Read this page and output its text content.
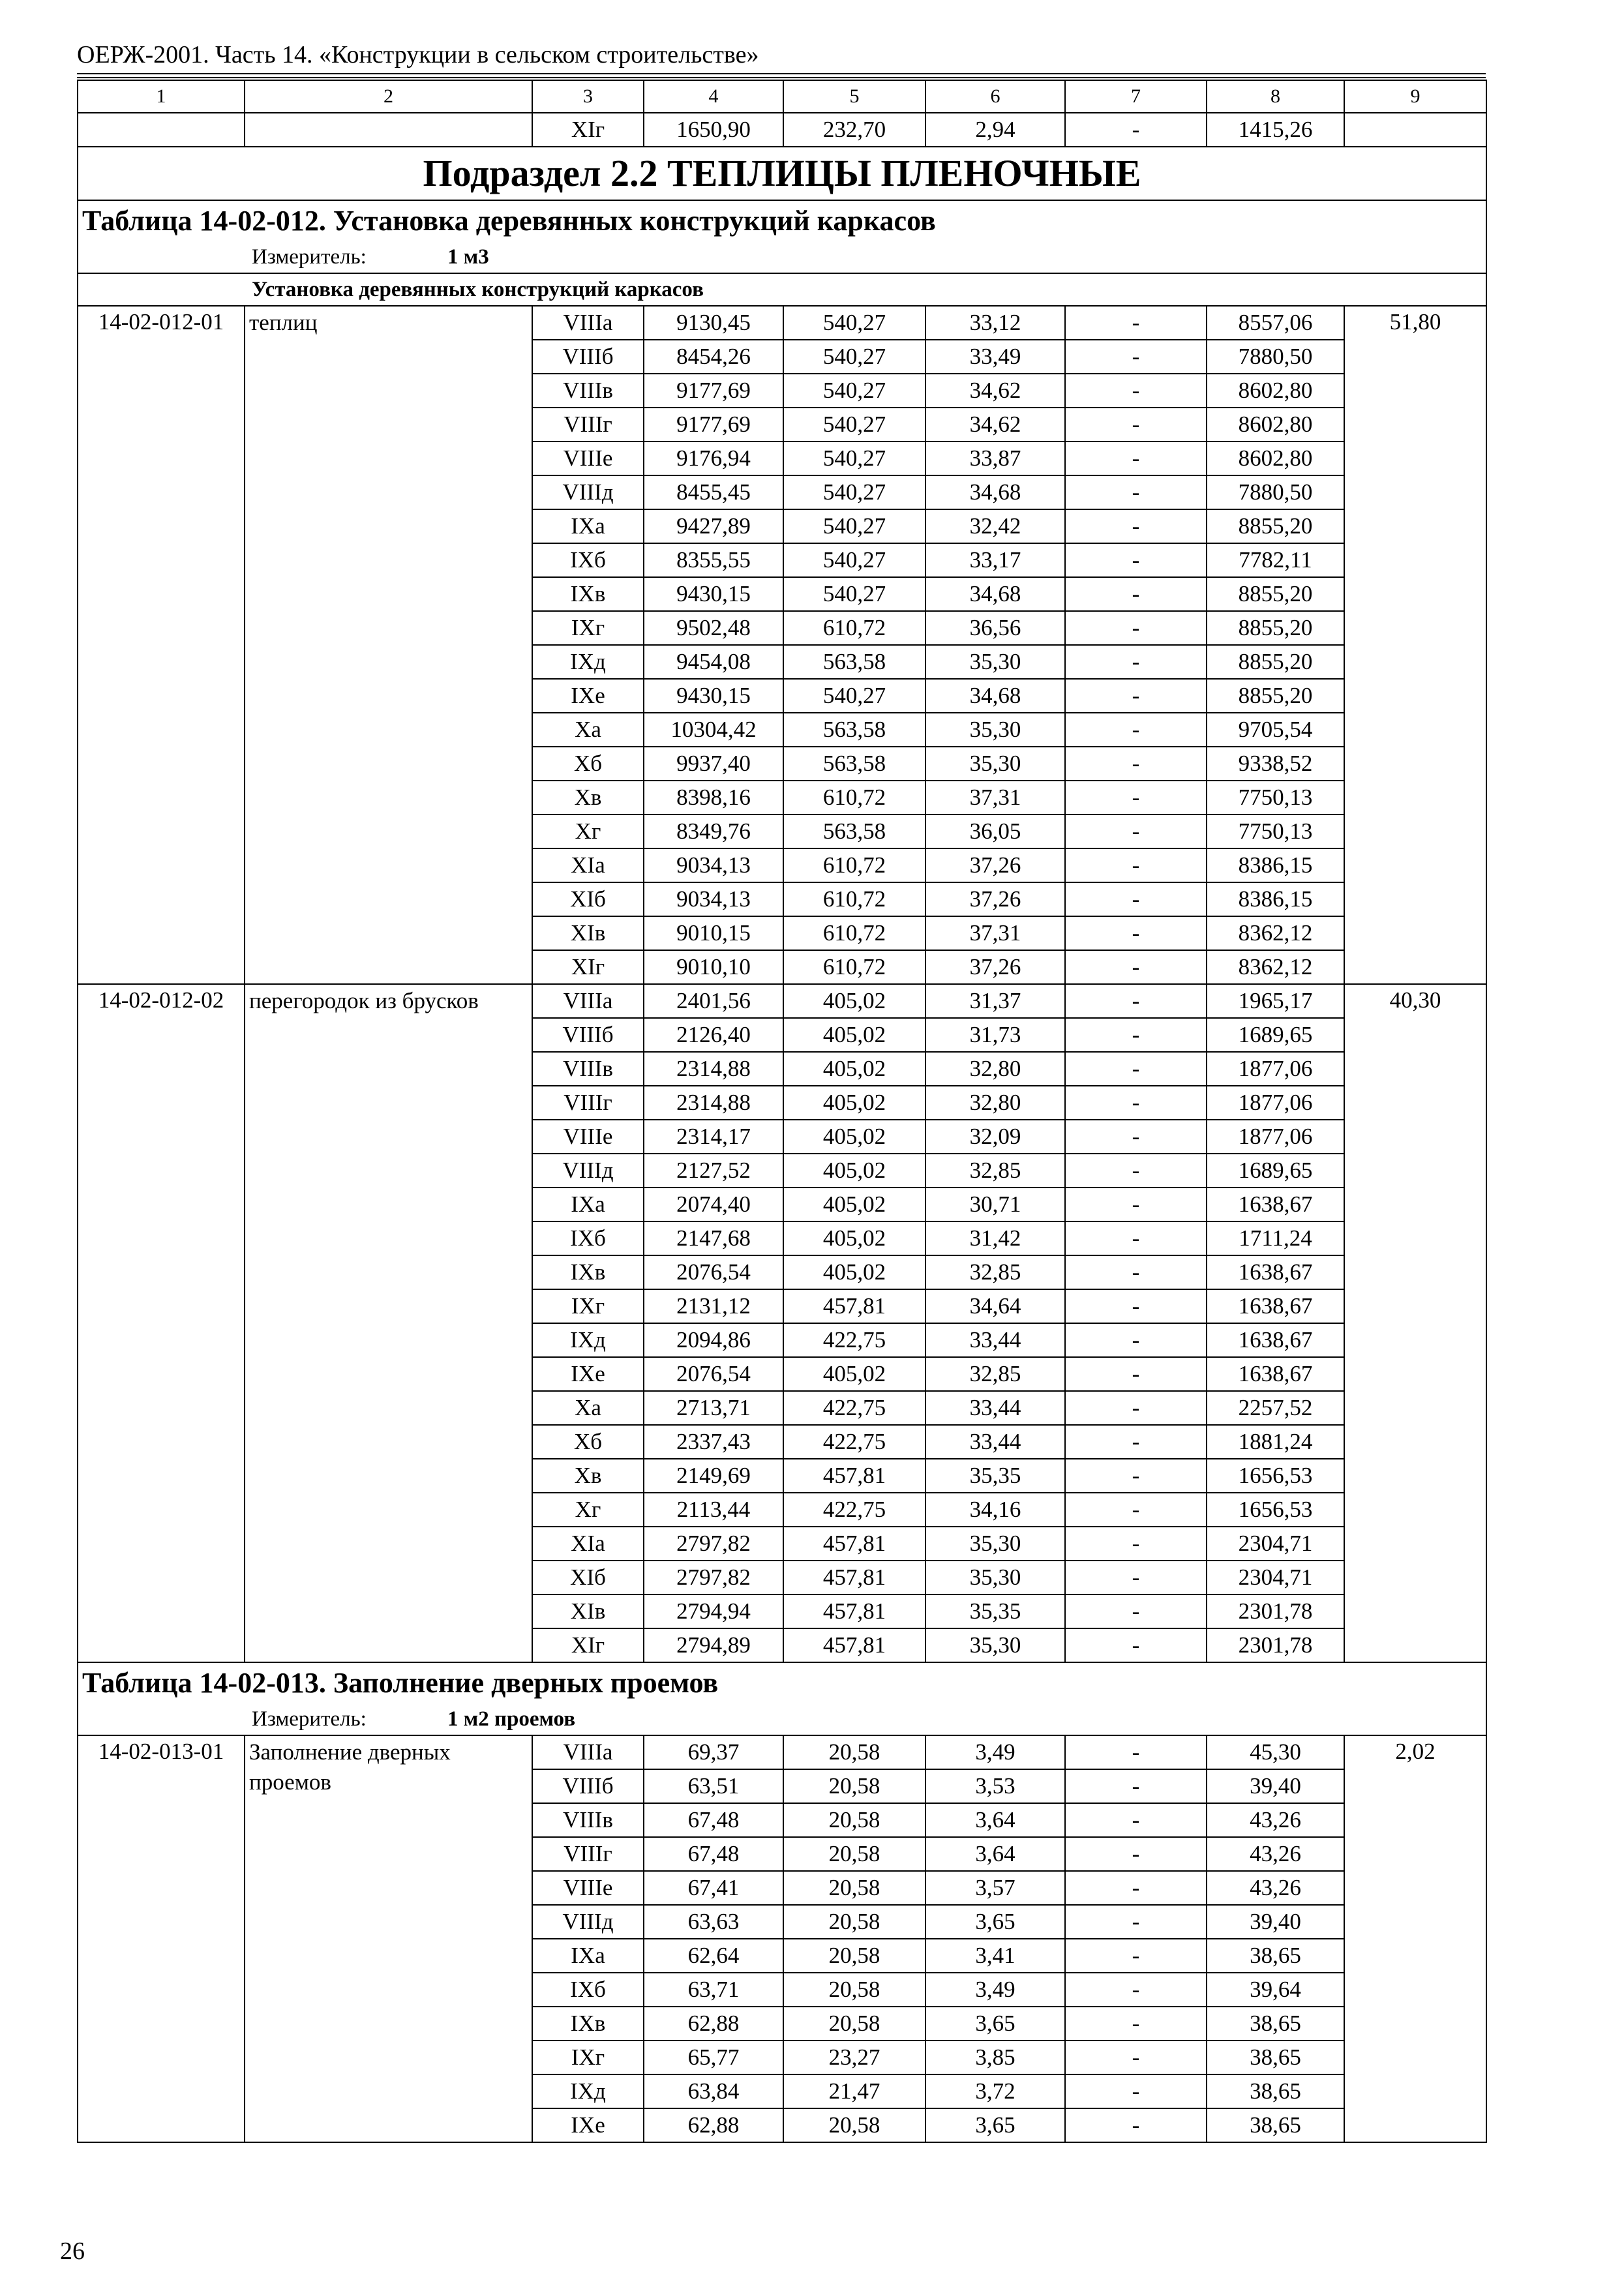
ОЕРЖ-2001. Часть 14. «Конструкции в сельском строительстве»
1	2	3	4	5	6	7	8	9
		XIг	1650,90	232,70	2,94	-	1415,26	
Подраздел 2.2 ТЕПЛИЦЫ ПЛЕНОЧНЫЕ								
Таблица 14-02-012. Установка деревянных конструкций каркасов								
Измеритель: 1 м3								
Установка деревянных конструкций каркасов								
14-02-012-01	теплиц	VIIIа	9130,45	540,27	33,12	-	8557,06	51,80
		VIIIб	8454,26	540,27	33,49	-	7880,50	
		VIIIв	9177,69	540,27	34,62	-	8602,80	
		VIIIг	9177,69	540,27	34,62	-	8602,80	
		VIIIе	9176,94	540,27	33,87	-	8602,80	
		VIIIд	8455,45	540,27	34,68	-	7880,50	
		IXа	9427,89	540,27	32,42	-	8855,20	
		IXб	8355,55	540,27	33,17	-	7782,11	
		IXв	9430,15	540,27	34,68	-	8855,20	
		IXг	9502,48	610,72	36,56	-	8855,20	
		IXд	9454,08	563,58	35,30	-	8855,20	
		IXе	9430,15	540,27	34,68	-	8855,20	
		Xа	10304,42	563,58	35,30	-	9705,54	
		Xб	9937,40	563,58	35,30	-	9338,52	
		Xв	8398,16	610,72	37,31	-	7750,13	
		Xг	8349,76	563,58	36,05	-	7750,13	
		XIа	9034,13	610,72	37,26	-	8386,15	
		XIб	9034,13	610,72	37,26	-	8386,15	
		XIв	9010,15	610,72	37,31	-	8362,12	
		XIг	9010,10	610,72	37,26	-	8362,12	
14-02-012-02	перегородок из брусков	VIIIа	2401,56	405,02	31,37	-	1965,17	40,30
		VIIIб	2126,40	405,02	31,73	-	1689,65	
		VIIIв	2314,88	405,02	32,80	-	1877,06	
		VIIIг	2314,88	405,02	32,80	-	1877,06	
		VIIIе	2314,17	405,02	32,09	-	1877,06	
		VIIIд	2127,52	405,02	32,85	-	1689,65	
		IXа	2074,40	405,02	30,71	-	1638,67	
		IXб	2147,68	405,02	31,42	-	1711,24	
		IXв	2076,54	405,02	32,85	-	1638,67	
		IXг	2131,12	457,81	34,64	-	1638,67	
		IXд	2094,86	422,75	33,44	-	1638,67	
		IXе	2076,54	405,02	32,85	-	1638,67	
		Xа	2713,71	422,75	33,44	-	2257,52	
		Xб	2337,43	422,75	33,44	-	1881,24	
		Xв	2149,69	457,81	35,35	-	1656,53	
		Xг	2113,44	422,75	34,16	-	1656,53	
		XIа	2797,82	457,81	35,30	-	2304,71	
		XIб	2797,82	457,81	35,30	-	2304,71	
		XIв	2794,94	457,81	35,35	-	2301,78	
		XIг	2794,89	457,81	35,30	-	2301,78	
Таблица 14-02-013. Заполнение дверных проемов								
Измеритель: 1 м2 проемов								
14-02-013-01	Заполнение дверных проемов	VIIIа	69,37	20,58	3,49	-	45,30	2,02
		VIIIб	63,51	20,58	3,53	-	39,40	
		VIIIв	67,48	20,58	3,64	-	43,26	
		VIIIг	67,48	20,58	3,64	-	43,26	
		VIIIе	67,41	20,58	3,57	-	43,26	
		VIIIд	63,63	20,58	3,65	-	39,40	
		IXа	62,64	20,58	3,41	-	38,65	
		IXб	63,71	20,58	3,49	-	39,64	
		IXв	62,88	20,58	3,65	-	38,65	
		IXг	65,77	23,27	3,85	-	38,65	
		IXд	63,84	21,47	3,72	-	38,65	
		IXе	62,88	20,58	3,65	-	38,65	
26
